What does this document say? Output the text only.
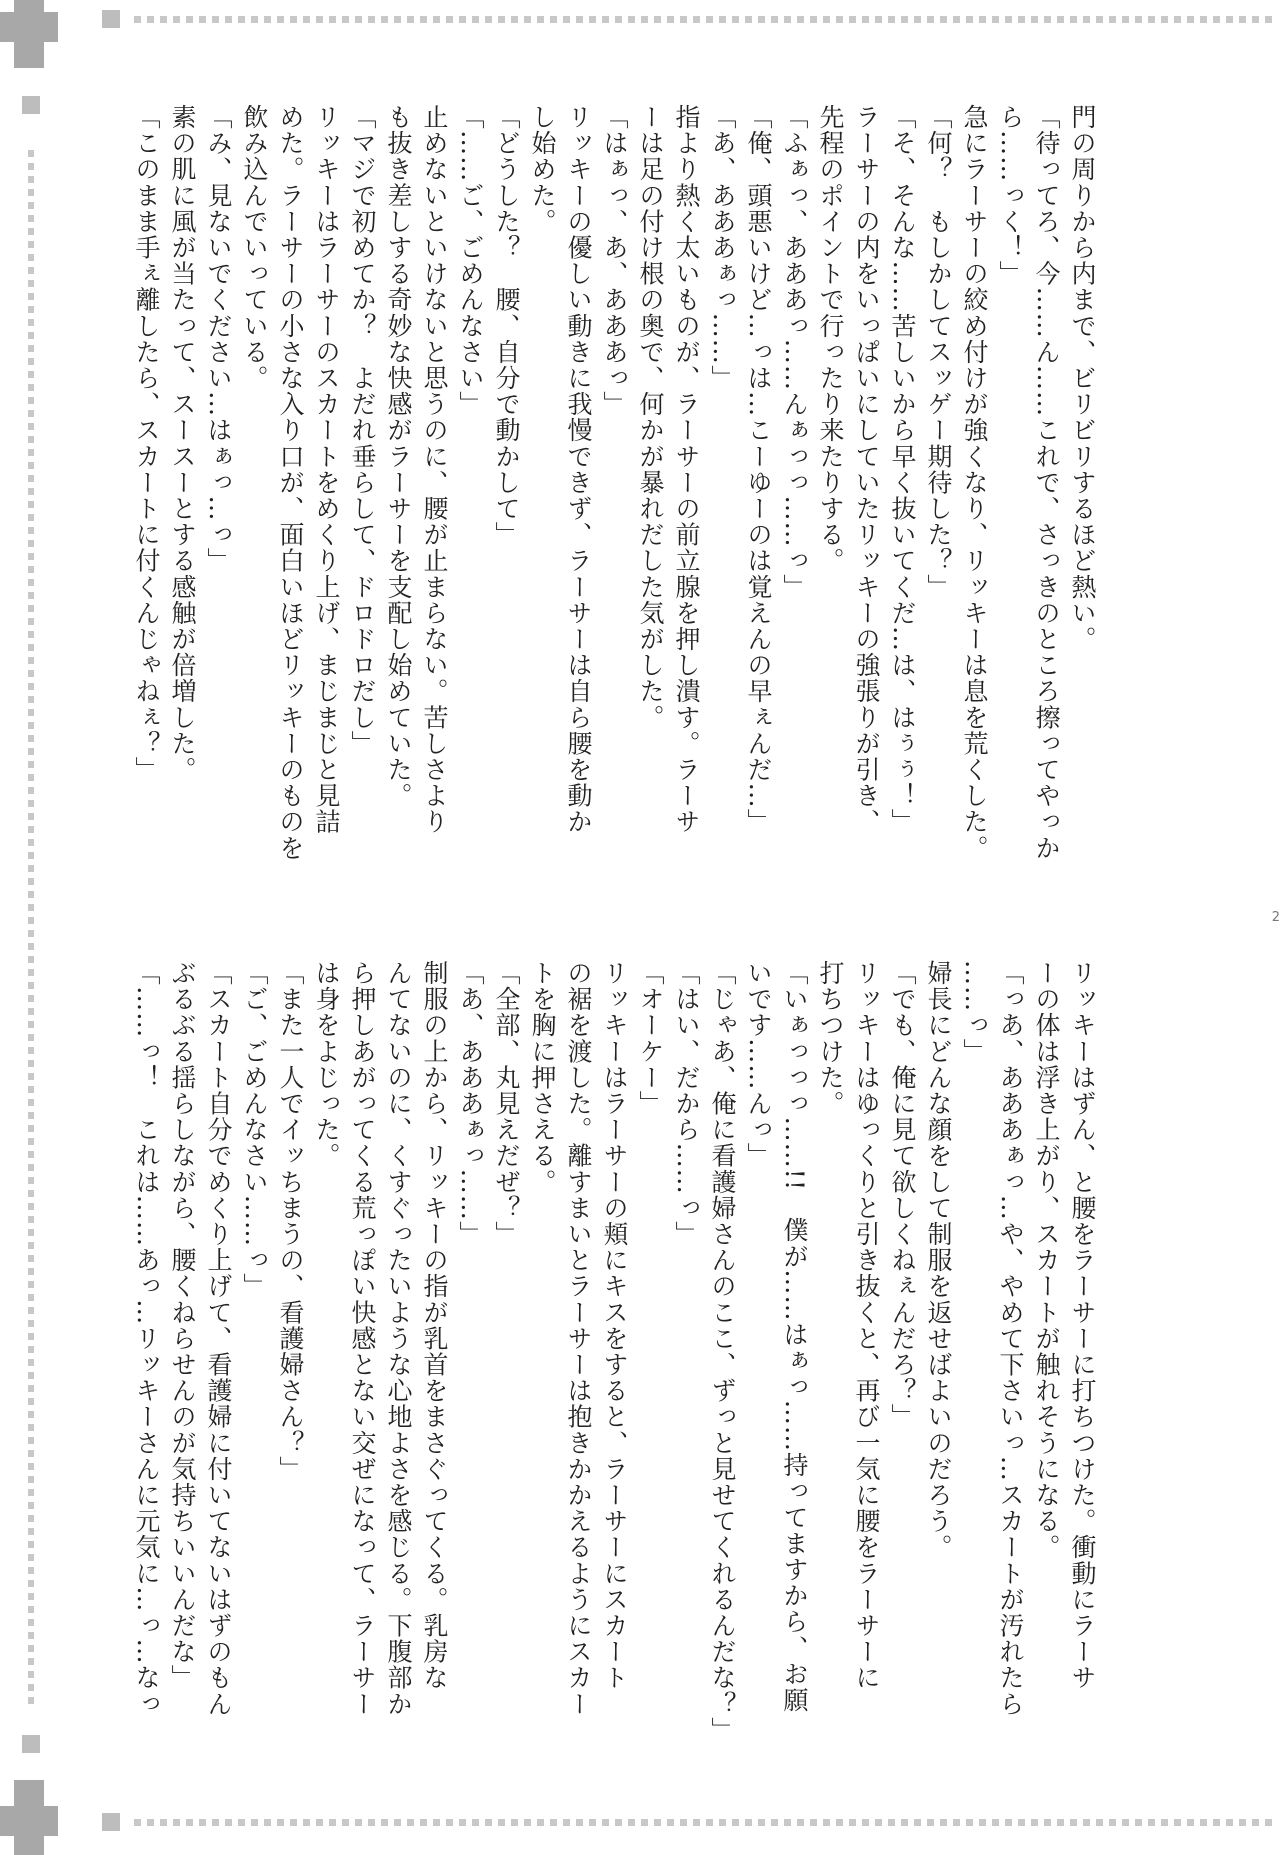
2
門の周りから内まで、ビリビリするほど熱い。
「待ってろ、今……ん……これで、さっきのところ擦ってやっか
ら……っく！」
急にラーサーの絞め付けが強くなり、リッキーは息を荒くした。
「何？　もしかしてスッゲー期待した？」
「そ、そんな……苦しいから早く抜いてくだ…は、はぅぅ！」
ラーサーの内をいっぱいにしていたリッキーの強張りが引き、
先程のポイントで行ったり来たりする。
「ふぁっ、あああっ……んぁっっ……っ」
「俺、頭悪いけど…っは…こーゆーのは覚えんの早ぇんだ…」
「あ、あああぁっ……」
指より熱く太いものが、ラーサーの前立腺を押し潰す。ラーサ
ーは足の付け根の奥で、何かが暴れだした気がした。
「はぁっ、あ、あああっ」
リッキーの優しい動きに我慢できず、ラーサーは自ら腰を動か
し始めた。
「どうした？　腰、自分で動かして」
「……ご、ごめんなさい」
止めないといけないと思うのに、腰が止まらない。苦しさより
も抜き差しする奇妙な快感がラーサーを支配し始めていた。
「マジで初めてか？　よだれ垂らして、ドロドロだし」
リッキーはラーサーのスカートをめくり上げ、まじまじと見詰
めた。ラーサーの小さな入り口が、面白いほどリッキーのものを
飲み込んでいっている。
「み、見ないでください…はぁっ…っ」
素の肌に風が当たって、スースーとする感触が倍増した。
「このまま手ぇ離したら、スカートに付くんじゃねぇ？」
リッキーはずん、と腰をラーサーに打ちつけた。衝動にラーサ
ーの体は浮き上がり、スカートが触れそうになる。
「っあ、あああぁっ…や、やめて下さいっ…スカートが汚れたら
……っ」
婦長にどんな顔をして制服を返せばよいのだろう。
「でも、俺に見て欲しくねぇんだろ？」
リッキーはゆっくりと引き抜くと、再び一気に腰をラーサーに
打ちつけた。
「いぁっっっ……!!　僕が……はぁっ……持ってますから、お願
いです……んっ」
「じゃあ、俺に看護婦さんのここ、ずっと見せてくれるんだな？」
「はい、だから……っ」
「オーケー」
リッキーはラーサーの頬にキスをすると、ラーサーにスカート
の裾を渡した。離すまいとラーサーは抱きかかえるようにスカー
トを胸に押さえる。
「全部、丸見えだぜ？」
「あ、あああぁっ……」
制服の上から、リッキーの指が乳首をまさぐってくる。乳房な
んてないのに、くすぐったいような心地よさを感じる。下腹部か
ら押しあがってくる荒っぽい快感とない交ぜになって、ラーサー
は身をよじった。
「また一人でイッちまうの、看護婦さん？」
「ご、ごめんなさい……っ」
「スカート自分でめくり上げて、看護婦に付いてないはずのもん
ぶるぶる揺らしながら、腰くねらせんのが気持ちいいんだな」
「……っ！　これは……あっ…リッキーさんに元気に…っ…なっ
